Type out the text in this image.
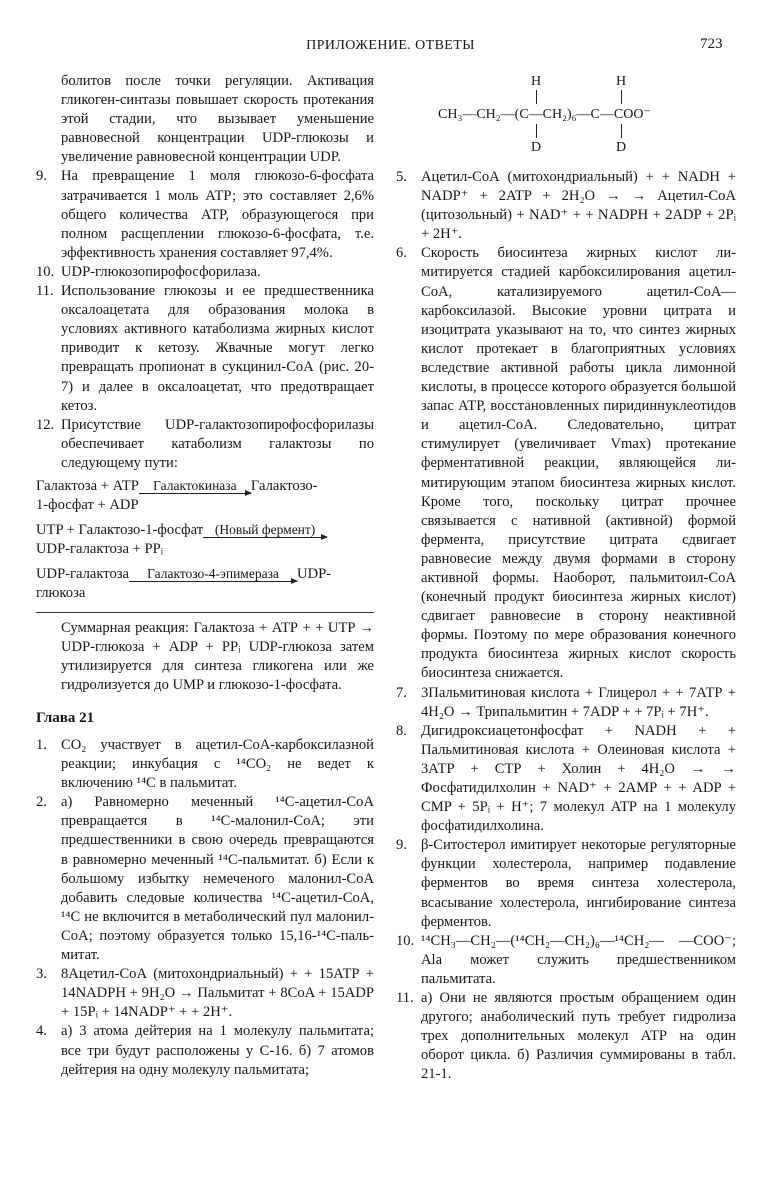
ПРИЛОЖЕНИЕ. ОТВЕТЫ	723

болитов после точки регуляции. Активация гликоген-синтазы повышает скорость протекания этой стадии, что вызывает уменьшение равновесной концентрации UDP-глюкозы и увеличение равновесной концентрации UDP.

9. На превращение 1 моля глюкозо-6-фосфата затрачивается 1 моль АТР; это составляет 2,6% общего количества АТР, образующегося при полном расщеплении глюкозо-6-фосфата, т.е. эффективность хранения составляет 97,4%.
10. UDP-глюкозопирофосфорилаза.
11. Использование глюкозы и ее предшественника оксалоацетата для образования молока в условиях активного катаболизма жирных кислот приводит к кетозу. Жвачные могут легко превращать пропионат в сукцинил-СоА (рис. 20-7) и далее в оксалоацетат, что предотвращает кетоз.
12. Присутствие UDP-галактозопирофосфорилазы обеспечивает катаболизм галактозы по следующему пути:
Галактоза + АТР	Галактокиназа Галактозо-
1-фосфат + ADP
UTP + Галактозо-1-фосфат (Новый фермент)
UDP-галактоза + PPᵢ
UDP-галактоза	Галактозо-4-эпимераза	UDP-
глюкоза

Суммарная реакция: Галактоза + АТР + + UTP → UDP-глюкоза + ADP + PPᵢ UDP-глюкоза затем утилизируется для синтеза гликогена или же гидролизуется до UMP и глюкозо-1-фосфата.

Глава 21
1. CO₂ участвует в ацетил-СоА-карбоксилазной реакции; инкубация с ¹⁴CO₂ не ведет к включению ¹⁴C в пальмитат.
2. а) Равномерно меченный ¹⁴C-ацетил-СоА превращается в ¹⁴C-малонил-СоА; эти предшественники в свою очередь превращаются в равномерно меченный ¹⁴C-пальмитат. б) Если к большому избытку немеченого малонил-СоА добавить следовые количества ¹⁴C-ацетил-СоА, ¹⁴C не включится в метаболический пул малонил-СоА; поэтому образуется только 15,16-¹⁴C-пальмитат.
3. 8Ацетил-СоА (митохондриальный) + + 15АТР + 14NADPH + 9H₂O → Пальмитат + 8CoA + 15ADP + 15Pᵢ + 14NADP⁺ + + 2H⁺.
4. а) 3 атома дейтерия на 1 молекулу пальмитата; все три будут расположены у С-16. б) 7 атомов дейтерия на одну молекулу пальмитата;
H	H
CH₃—CH₂—(C—CH₂)₆—C—COO⁻
D	D
5. Ацетил-СоА (митохондриальный) + + NADH + NADP⁺ + 2ATP + 2H₂O → → Ацетил-СоА (цитозольный) + NAD⁺ + + NADPH + 2ADP + 2Pᵢ + 2H⁺.
6. Скорость биосинтеза жирных кислот лимитируется стадией карбоксилирования ацетил-СоА, катализируемого ацетил-СоА—карбоксилазой. Высокие уровни цитрата и изоцитрата указывают на то, что синтез жирных кислот протекает в благоприятных условиях вследствие активной работы цикла лимонной кислоты, в процессе которого образуется большой запас АТР, восстановленных пиридиннуклеотидов и ацетил-СоА. Следовательно, цитрат стимулирует (увеличивает Vmax) протекание ферментативной реакции, являющейся лимитирующим этапом биосинтеза жирных кислот. Кроме того, поскольку цитрат прочнее связывается с нативной (активной) формой фермента, присутствие цитрата сдвигает равновесие между двумя формами в сторону активной формы. Наоборот, пальмитоил-СоА (конечный продукт биосинтеза жирных кислот) сдвигает равновесие в сторону неактивной формы. Поэтому по мере образования конечного продукта биосинтеза жирных кислот скорость биосинтеза снижается.
7. 3Пальмитиновая кислота + Глицерол + + 7АТР + 4H₂O → Трипальмитин + 7ADP + + 7Pᵢ + 7H⁺.
8. Дигидроксиацетонфосфат + NADH + + Пальмитиновая кислота + Олеиновая кислота + 3АТР + СТР + Холин + 4H₂O → → Фосфатидилхолин + NAD⁺ + 2AMP + + ADP + CMP + 5Pᵢ + H⁺; 7 молекул АТР на 1 молекулу фосфатидилхолина.
9. β-Ситостерол имитирует некоторые регуляторные функции холестерола, например подавление ферментов во время синтеза холестерола, всасывание холестерола, ингибирование синтеза ферментов.
10. ¹⁴CH₃—CH₂—(¹⁴CH₂—CH₂)₆—¹⁴CH₂— —COO⁻; Ala может служить предшественником пальмитата.
11. а) Они не являются простым обращением один другого; анаболический путь требует гидролиза трех дополнительных молекул АТР на один оборот цикла. б) Различия суммированы в табл. 21-1.
